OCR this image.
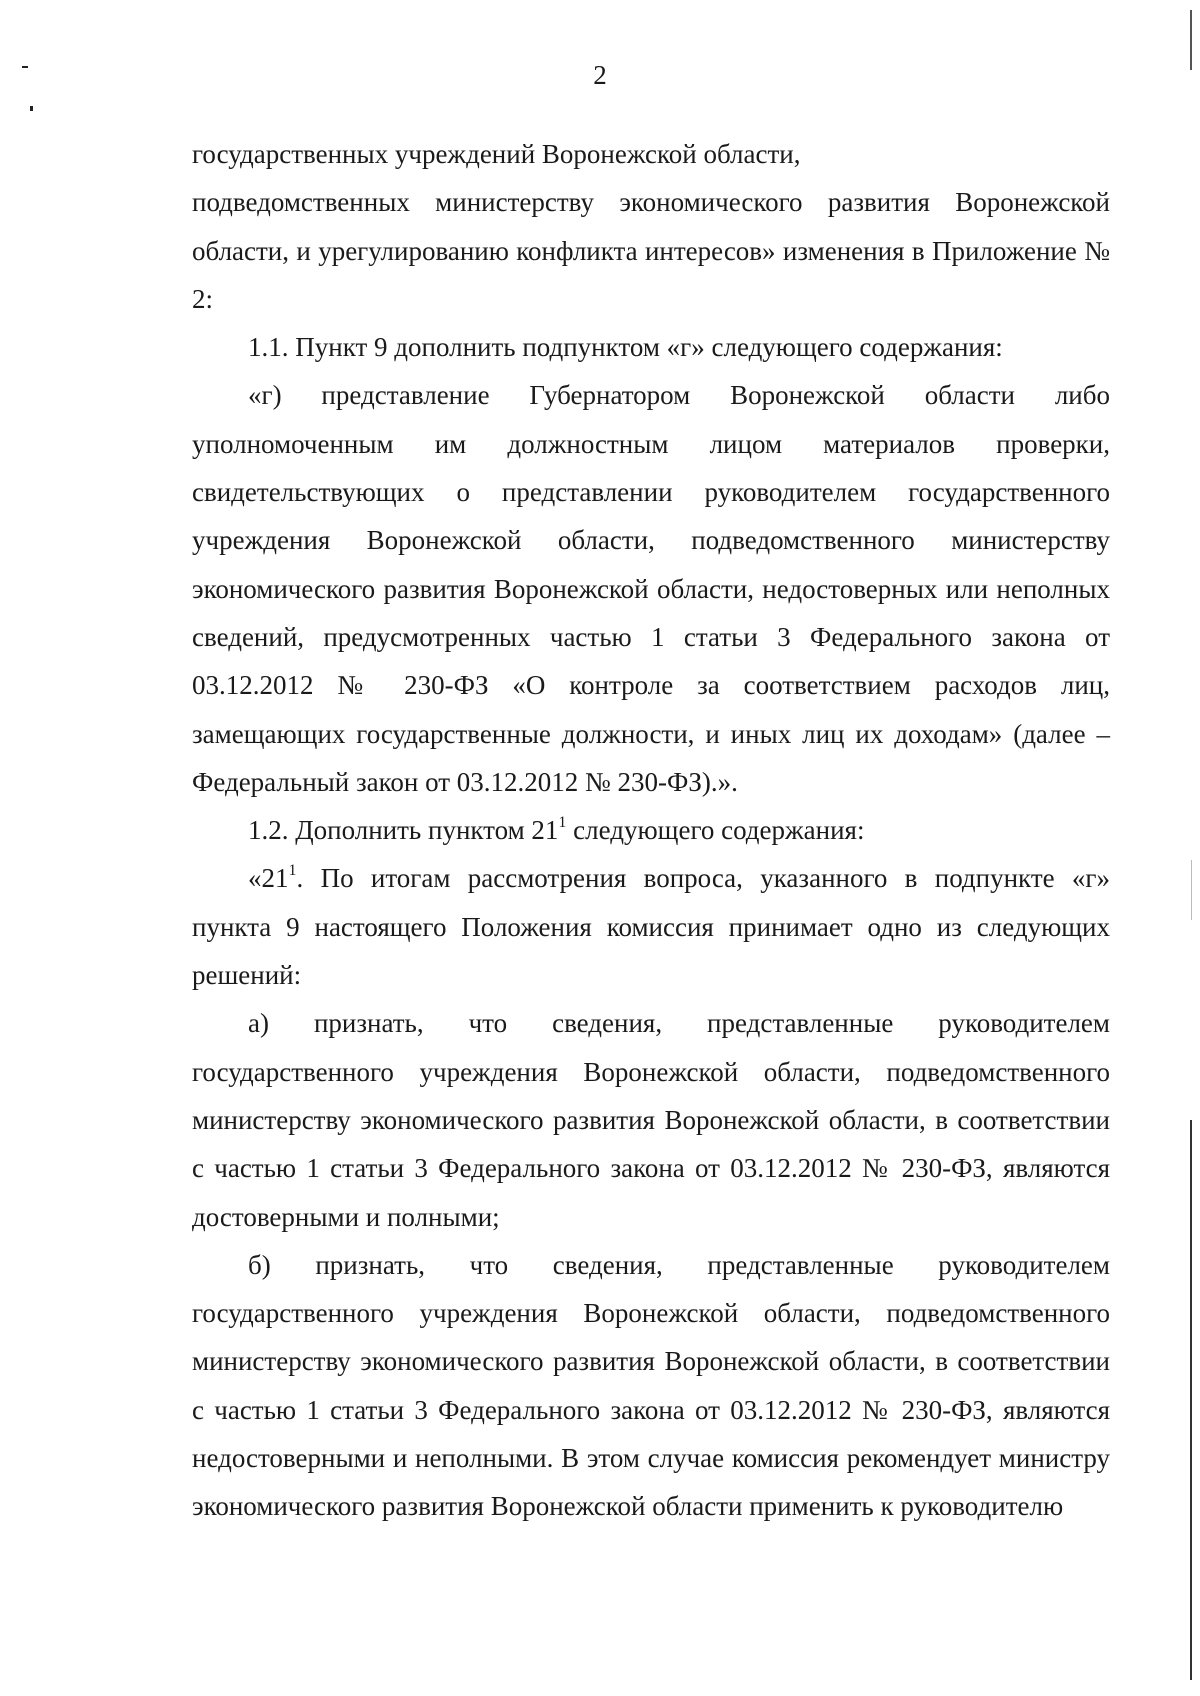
2

государственных учреждений Воронежской области,

подведомственных министерству экономического развития Воронежской области, и урегулированию конфликта интересов» изменения в Приложение № 2:

1.1. Пункт 9 дополнить подпунктом «г» следующего содержания:

«г) представление Губернатором Воронежской области либо уполномоченным им должностным лицом материалов проверки, свидетельствующих о представлении руководителем государственного учреждения Воронежской области, подведомственного министерству экономического развития Воронежской области, недостоверных или неполных сведений, предусмотренных частью 1 статьи 3 Федерального закона от 03.12.2012 № 230-ФЗ «О контроле за соответствием расходов лиц, замещающих государственные должности, и иных лиц их доходам» (далее – Федеральный закон от 03.12.2012 № 230-ФЗ).».

1.2. Дополнить пунктом $21^1$ следующего содержания:

«$21^1$. По итогам рассмотрения вопроса, указанного в подпункте «г» пункта 9 настоящего Положения комиссия принимает одно из следующих решений:

а) признать, что сведения, представленные руководителем государственного учреждения Воронежской области, подведомственного министерству экономического развития Воронежской области, в соответствии с частью 1 статьи 3 Федерального закона от 03.12.2012 № 230-ФЗ, являются достоверными и полными;

б) признать, что сведения, представленные руководителем государственного учреждения Воронежской области, подведомственного министерству экономического развития Воронежской области, в соответствии с частью 1 статьи 3 Федерального закона от 03.12.2012 № 230-ФЗ, являются недостоверными и неполными. В этом случае комиссия рекомендует министру экономического развития Воронежской области применить к руководителю
